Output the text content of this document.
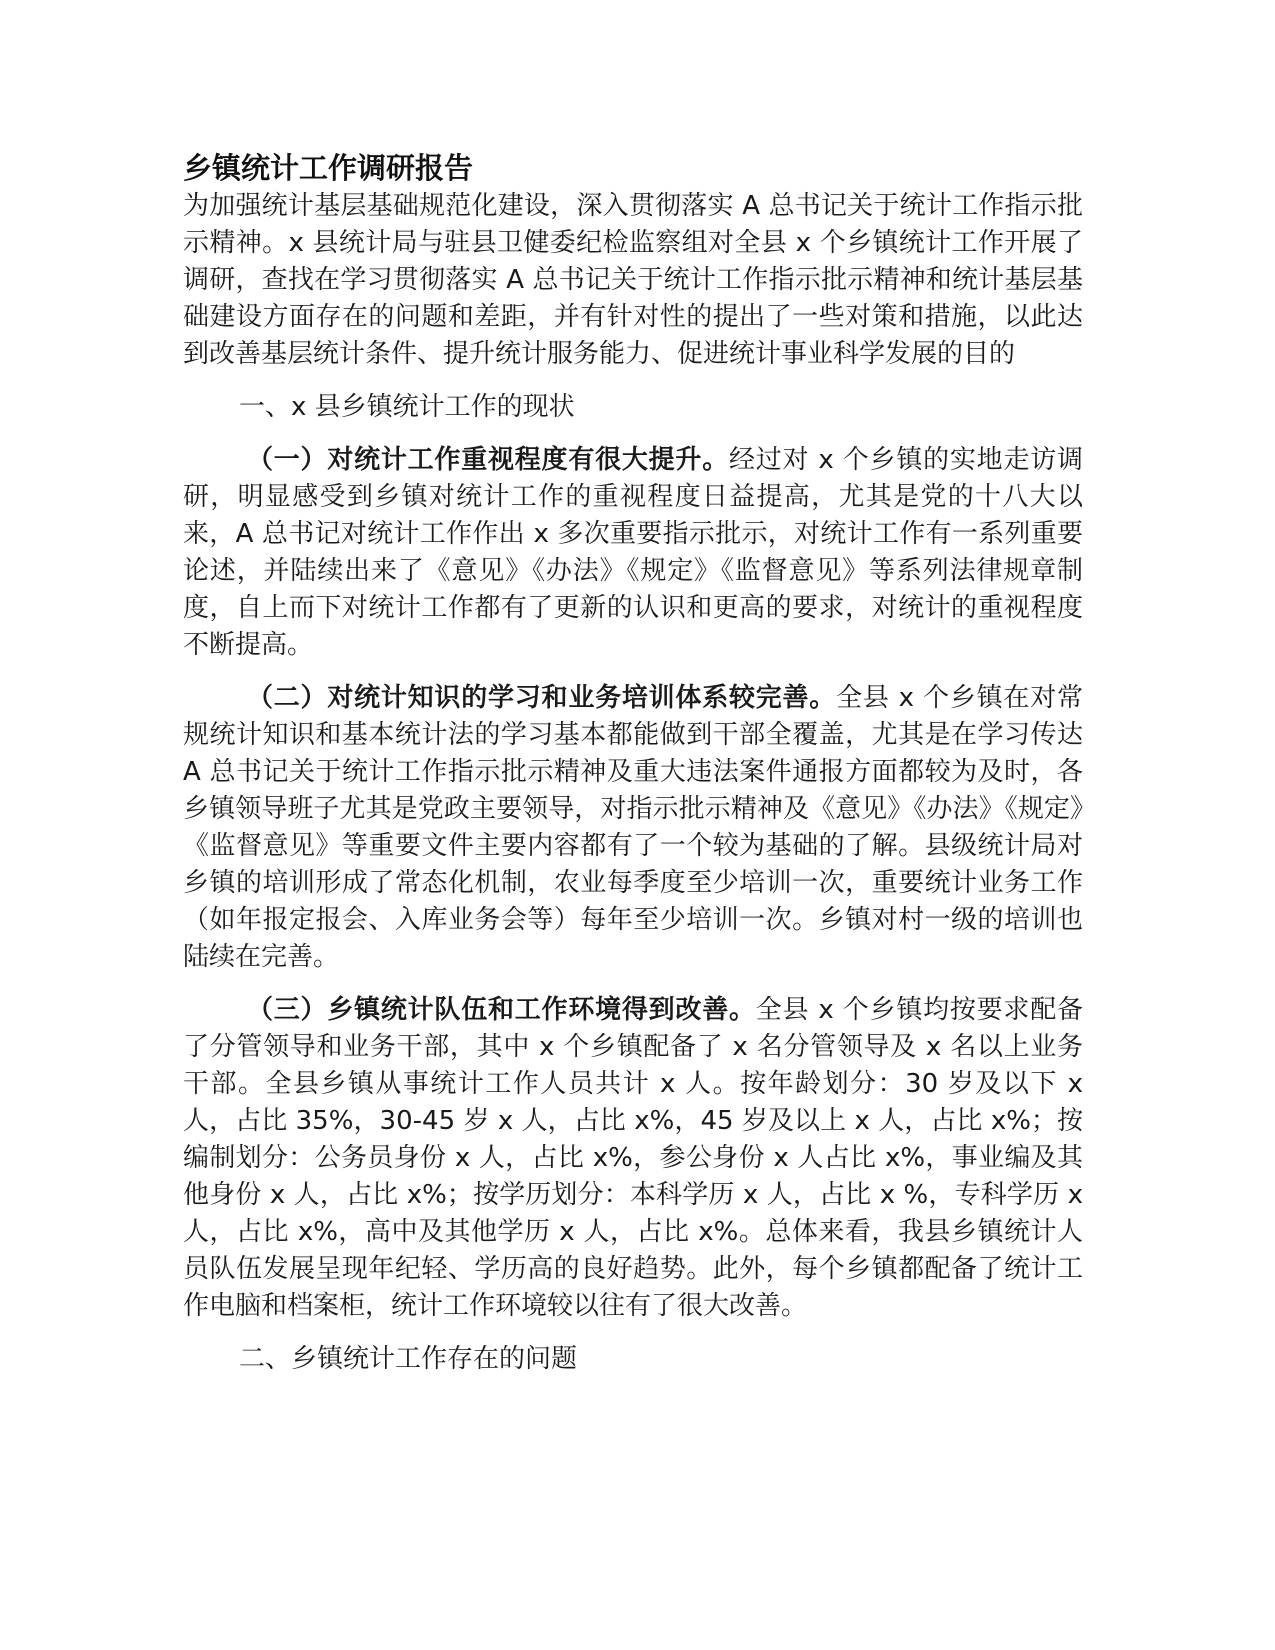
乡镇统计工作调研报告

为加强统计基层基础规范化建设，深入贯彻落实 A 总书记关于统计工作指示批示精神。x 县统计局与驻县卫健委纪检监察组对全县 x 个乡镇统计工作开展了调研，查找在学习贯彻落实 A 总书记关于统计工作指示批示精神和统计基层基础建设方面存在的问题和差距，并有针对性的提出了一些对策和措施，以此达到改善基层统计条件、提升统计服务能力、促进统计事业科学发展的目的

一、x 县乡镇统计工作的现状

（一）对统计工作重视程度有很大提升。经过对 x 个乡镇的实地走访调研，明显感受到乡镇对统计工作的重视程度日益提高，尤其是党的十八大以来，A 总书记对统计工作作出 x 多次重要指示批示，对统计工作有一系列重要论述，并陆续出来了《意见》《办法》《规定》《监督意见》等系列法律规章制度，自上而下对统计工作都有了更新的认识和更高的要求，对统计的重视程度不断提高。

（二）对统计知识的学习和业务培训体系较完善。全县 x 个乡镇在对常规统计知识和基本统计法的学习基本都能做到干部全覆盖，尤其是在学习传达 A 总书记关于统计工作指示批示精神及重大违法案件通报方面都较为及时，各乡镇领导班子尤其是党政主要领导，对指示批示精神及《意见》《办法》《规定》《监督意见》等重要文件主要内容都有了一个较为基础的了解。县级统计局对乡镇的培训形成了常态化机制，农业每季度至少培训一次，重要统计业务工作（如年报定报会、入库业务会等）每年至少培训一次。乡镇对村一级的培训也陆续在完善。

（三）乡镇统计队伍和工作环境得到改善。全县 x 个乡镇均按要求配备了分管领导和业务干部，其中 x 个乡镇配备了 x 名分管领导及 x 名以上业务干部。全县乡镇从事统计工作人员共计 x 人。按年龄划分：30 岁及以下 x 人，占比 35%，30-45 岁 x 人，占比 x%，45 岁及以上 x 人，占比 x%；按编制划分：公务员身份 x 人，占比 x%，参公身份 x 人占比 x%，事业编及其他身份 x 人，占比 x%；按学历划分：本科学历 x 人，占比 x %，专科学历 x 人，占比 x%，高中及其他学历 x 人，占比 x%。总体来看，我县乡镇统计人员队伍发展呈现年纪轻、学历高的良好趋势。此外，每个乡镇都配备了统计工作电脑和档案柜，统计工作环境较以往有了很大改善。

二、乡镇统计工作存在的问题
